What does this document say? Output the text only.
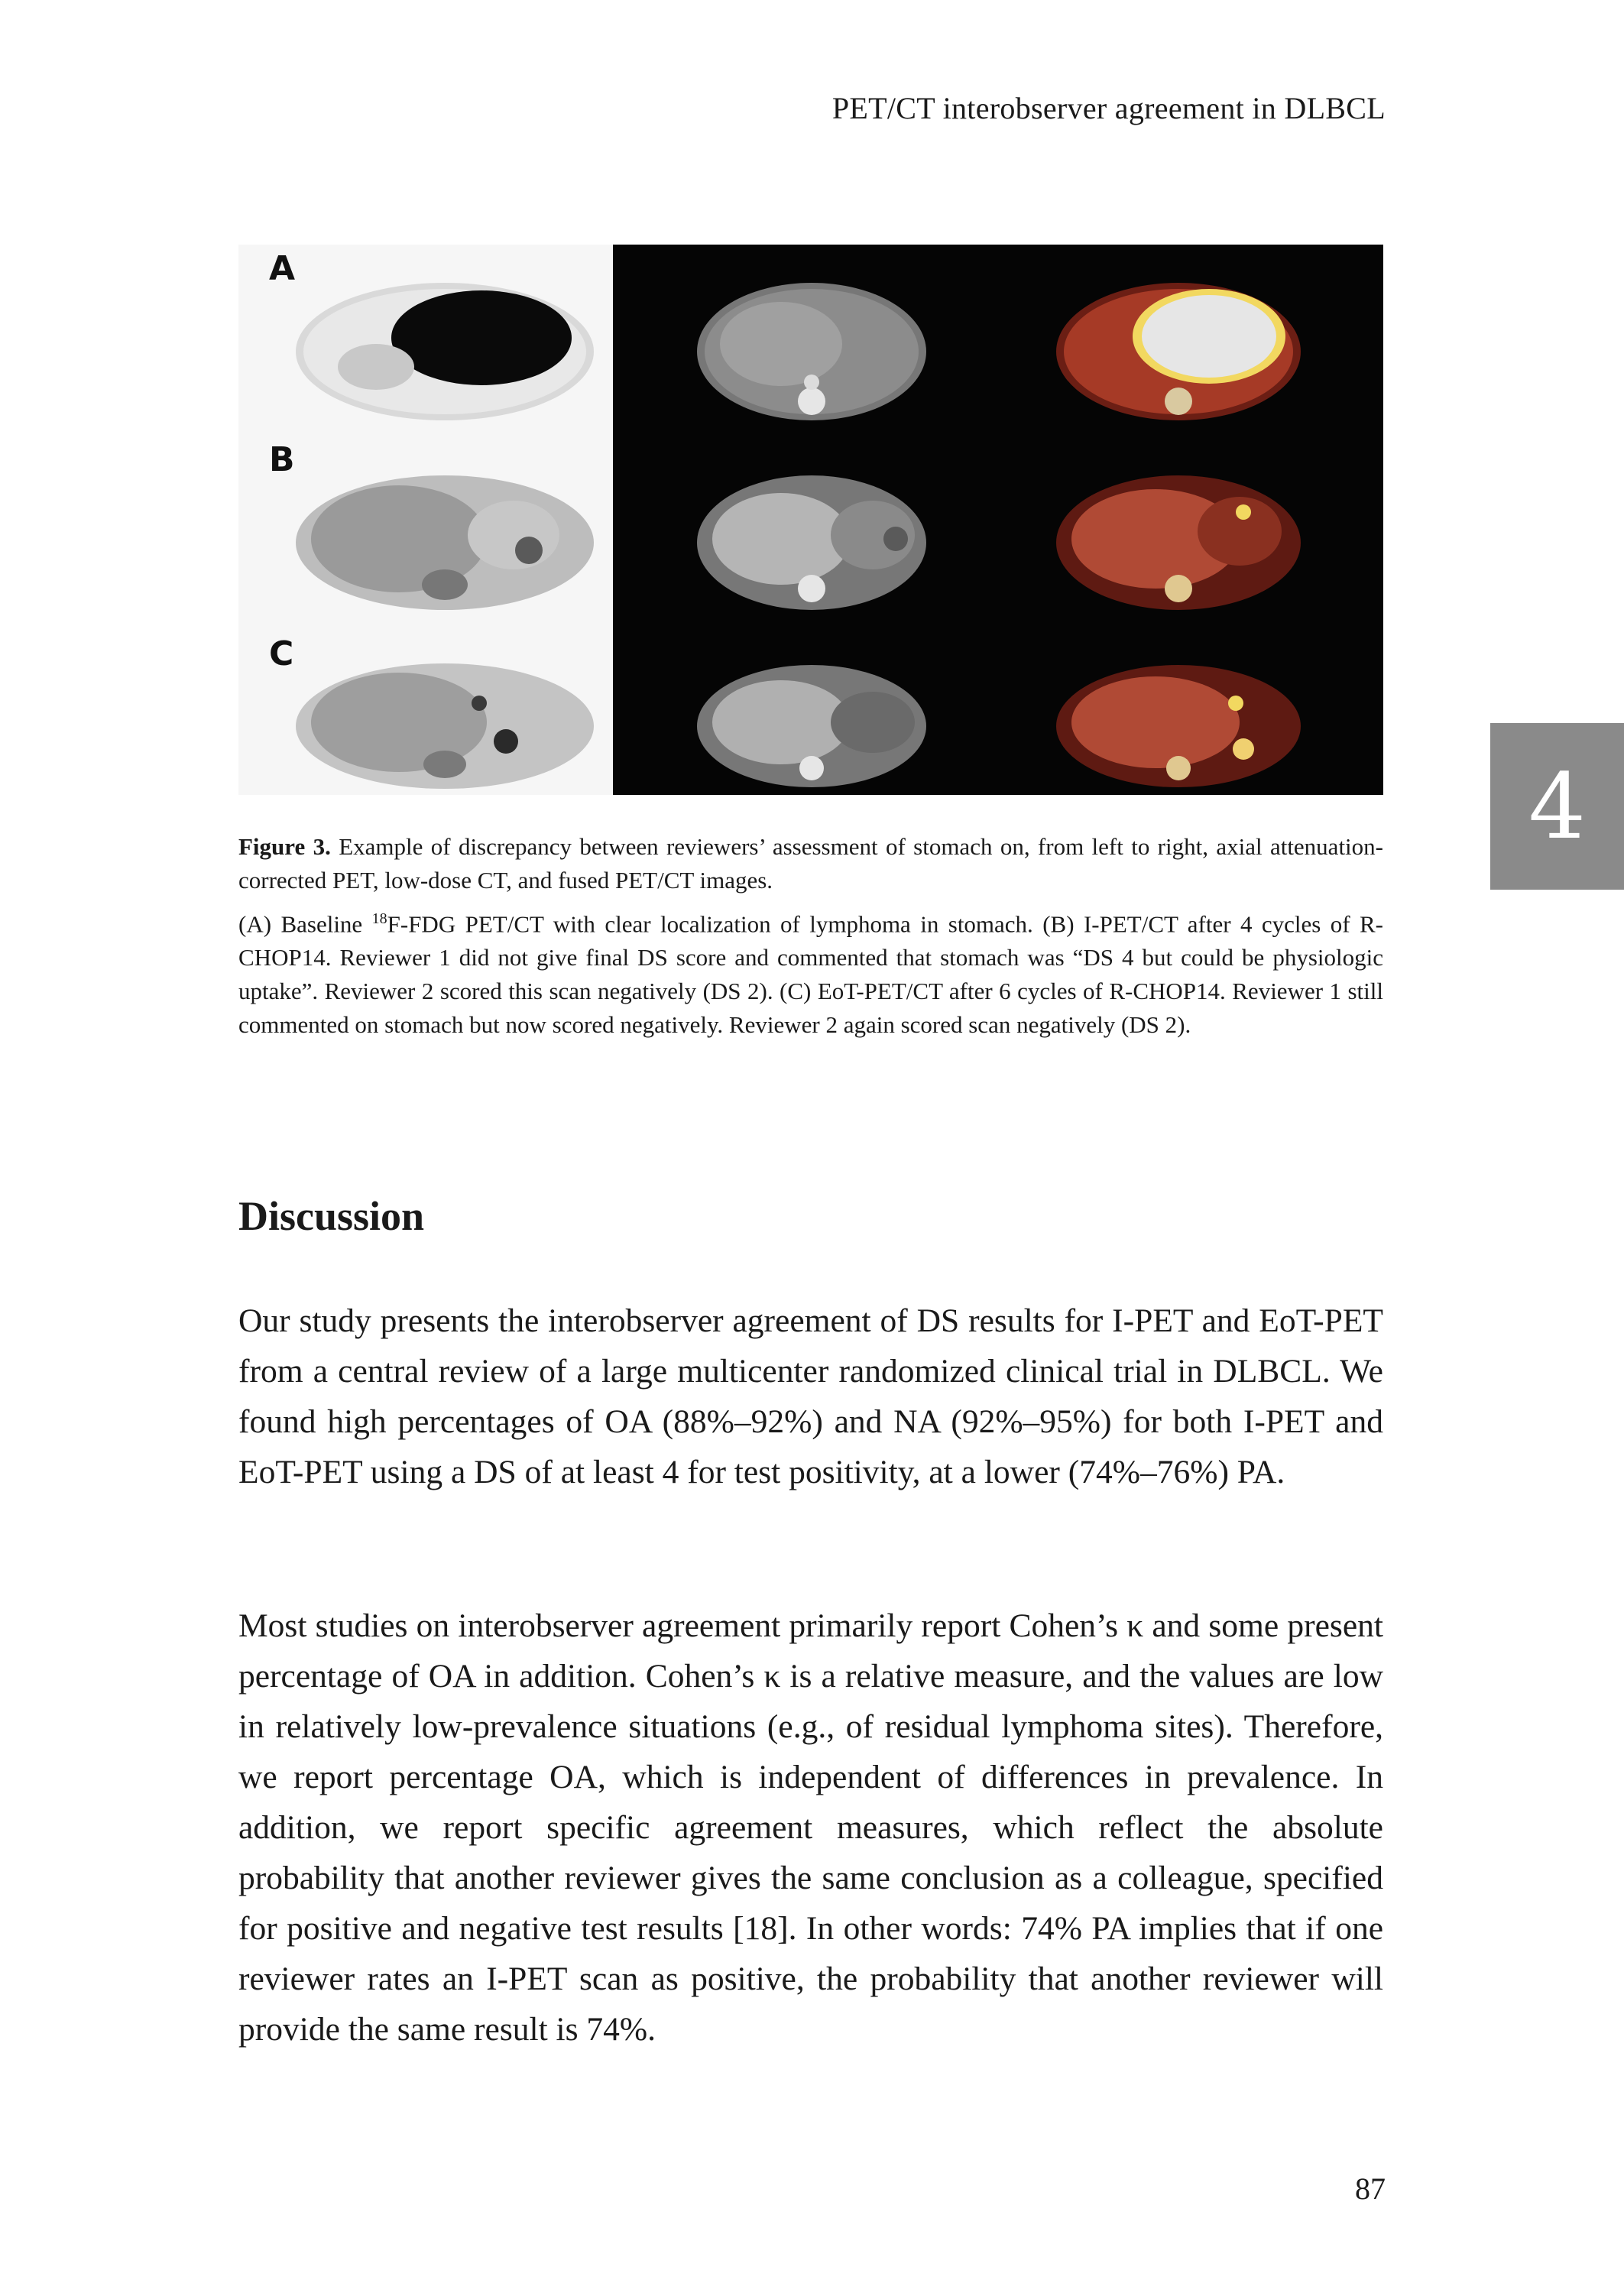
PET/CT interobserver agreement in DLBCL
A
B
C
4

Figure 3. Example of discrepancy between reviewers’ assessment of stomach on, from left to right, axial attenuation-corrected PET, low-dose CT, and fused PET/CT images.

(A) Baseline $^{18}$F-FDG PET/CT with clear localization of lymphoma in stomach. (B) I-PET/CT after 4 cycles of R-CHOP14. Reviewer 1 did not give final DS score and commented that stomach was “DS 4 but could be physiologic uptake”. Reviewer 2 scored this scan negatively (DS 2). (C) EoT-PET/CT after 6 cycles of R-CHOP14. Reviewer 1 still commented on stomach but now scored negatively. Reviewer 2 again scored scan negatively (DS 2).

Discussion
Our study presents the interobserver agreement of DS results for I-PET and EoT-PET from a central review of a large multicenter randomized clinical trial in DLBCL. We found high percentages of OA (88%–92%) and NA (92%–95%) for both I-PET and EoT-PET using a DS of at least 4 for test positivity, at a lower (74%–76%) PA.
Most studies on interobserver agreement primarily report Cohen’s κ and some present percentage of OA in addition. Cohen’s κ is a relative measure, and the values are low in relatively low-prevalence situations (e.g., of residual lymphoma sites). Therefore, we report percentage OA, which is independent of differences in prevalence. In addition, we report specific agreement measures, which reflect the absolute probability that another reviewer gives the same conclusion as a colleague, specified for positive and negative test results [18]. In other words: 74% PA implies that if one reviewer rates an I-PET scan as positive, the probability that another reviewer will provide the same result is 74%.
87
